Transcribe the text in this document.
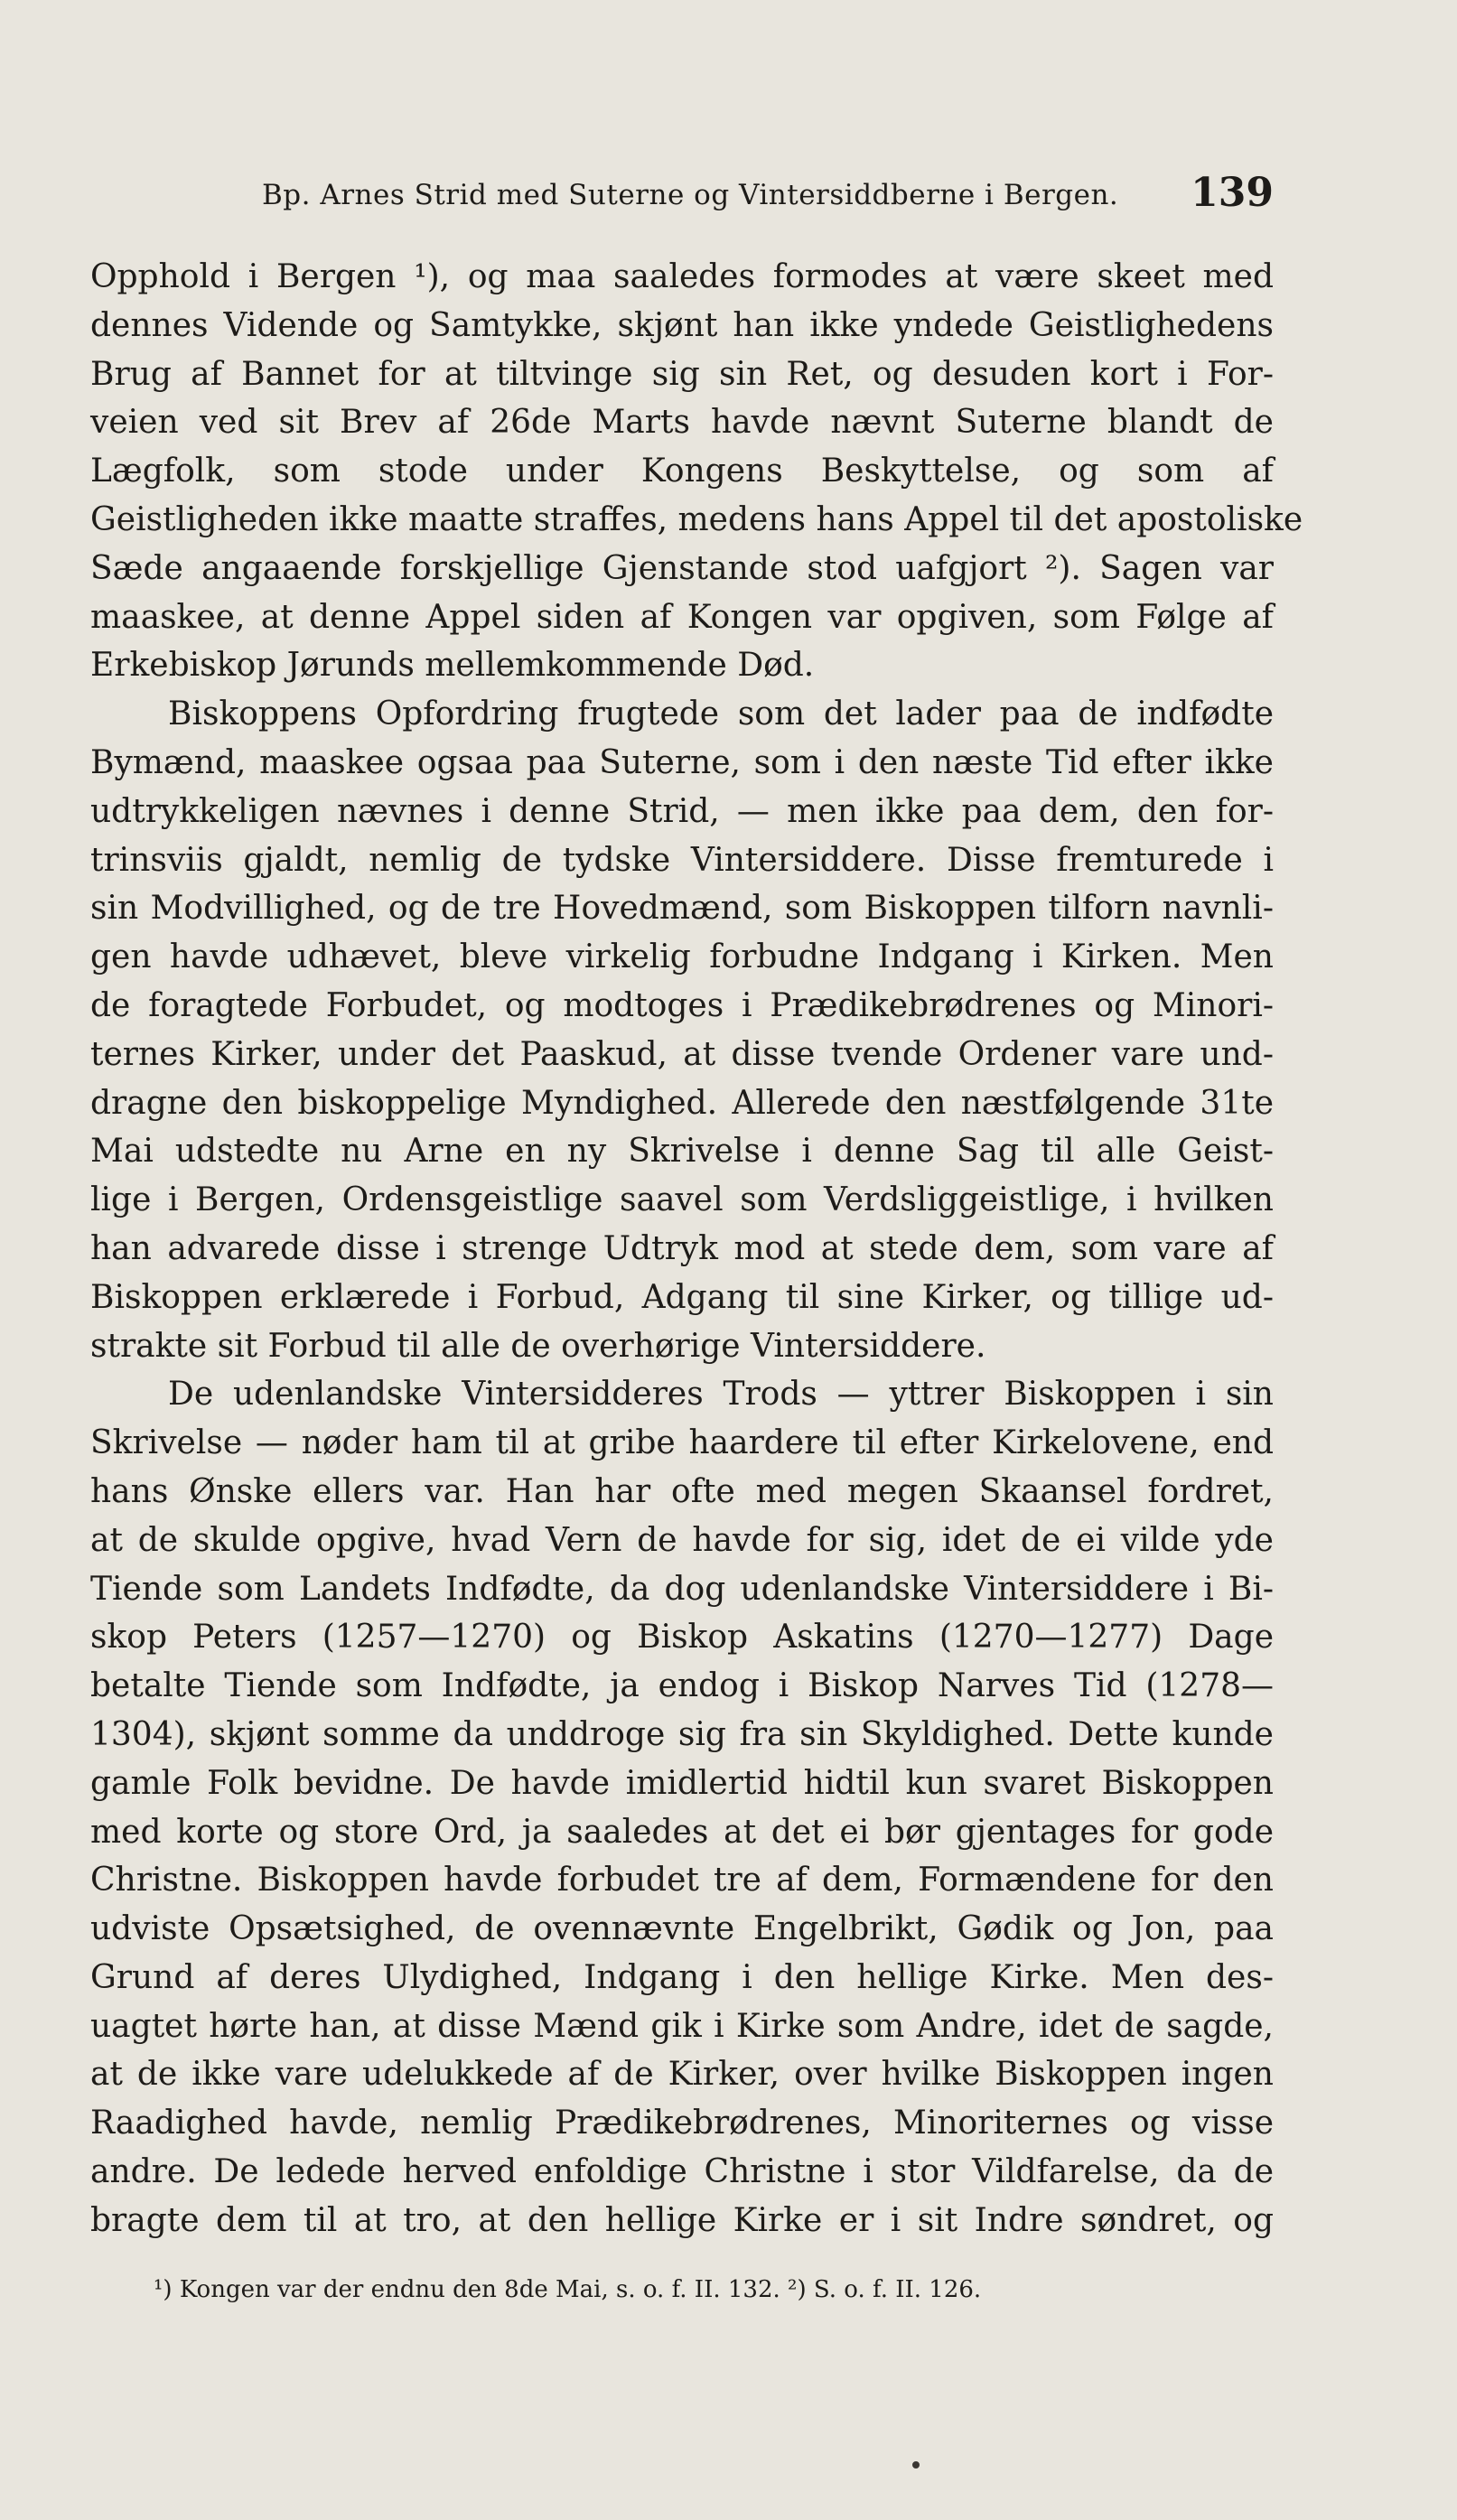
Bp. Arnes Strid med Suterne og Vintersiddberne i Bergen. 139

Opphold i Bergen ¹), og maa saaledes formodes at være skeet med
dennes Vidende og Samtykke, skjønt han ikke yndede Geistlighedens
Brug af Bannet for at tiltvinge sig sin Ret, og desuden kort i For-
veien ved sit Brev af 26de Marts havde nævnt Suterne blandt de
Lægfolk, som stode under Kongens Beskyttelse, og som af
Geistligheden ikke maatte straffes, medens hans Appel til det apostoliske
Sæde angaaende forskjellige Gjenstande stod uafgjort ²). Sagen var
maaskee, at denne Appel siden af Kongen var opgiven, som Følge af
Erkebiskop Jørunds mellemkommende Død.

Biskoppens Opfordring frugtede som det lader paa de indfødte
Bymænd, maaskee ogsaa paa Suterne, som i den næste Tid efter ikke
udtrykkeligen nævnes i denne Strid, — men ikke paa dem, den for-
trinsviis gjaldt, nemlig de tydske Vintersiddere. Disse fremturede i
sin Modvillighed, og de tre Hovedmænd, som Biskoppen tilforn navnli-
gen havde udhævet, bleve virkelig forbudne Indgang i Kirken. Men
de foragtede Forbudet, og modtoges i Prædikebrødrenes og Minori-
ternes Kirker, under det Paaskud, at disse tvende Ordener vare und-
dragne den biskoppelige Myndighed. Allerede den næstfølgende 31te
Mai udstedte nu Arne en ny Skrivelse i denne Sag til alle Geist-
lige i Bergen, Ordensgeistlige saavel som Verdsliggeistlige, i hvilken
han advarede disse i strenge Udtryk mod at stede dem, som vare af
Biskoppen erklærede i Forbud, Adgang til sine Kirker, og tillige ud-
strakte sit Forbud til alle de overhørige Vintersiddere.

De udenlandske Vintersidderes Trods — yttrer Biskoppen i sin
Skrivelse — nøder ham til at gribe haardere til efter Kirkelovene, end
hans Ønske ellers var. Han har ofte med megen Skaansel fordret,
at de skulde opgive, hvad Vern de havde for sig, idet de ei vilde yde
Tiende som Landets Indfødte, da dog udenlandske Vintersiddere i Bi-
skop Peters (1257—1270) og Biskop Askatins (1270—1277) Dage
betalte Tiende som Indfødte, ja endog i Biskop Narves Tid (1278—
1304), skjønt somme da unddroge sig fra sin Skyldighed. Dette kunde
gamle Folk bevidne. De havde imidlertid hidtil kun svaret Biskoppen
med korte og store Ord, ja saaledes at det ei bør gjentages for gode
Christne. Biskoppen havde forbudet tre af dem, Formændene for den
udviste Opsætsighed, de ovennævnte Engelbrikt, Gødik og Jon, paa
Grund af deres Ulydighed, Indgang i den hellige Kirke. Men des-
uagtet hørte han, at disse Mænd gik i Kirke som Andre, idet de sagde,
at de ikke vare udelukkede af de Kirker, over hvilke Biskoppen ingen
Raadighed havde, nemlig Prædikebrødrenes, Minoriternes og visse
andre. De ledede herved enfoldige Christne i stor Vildfarelse, da de
bragte dem til at tro, at den hellige Kirke er i sit Indre søndret, og

¹) Kongen var der endnu den 8de Mai, s. o. f. II. 132. ²) S. o. f. II. 126.
